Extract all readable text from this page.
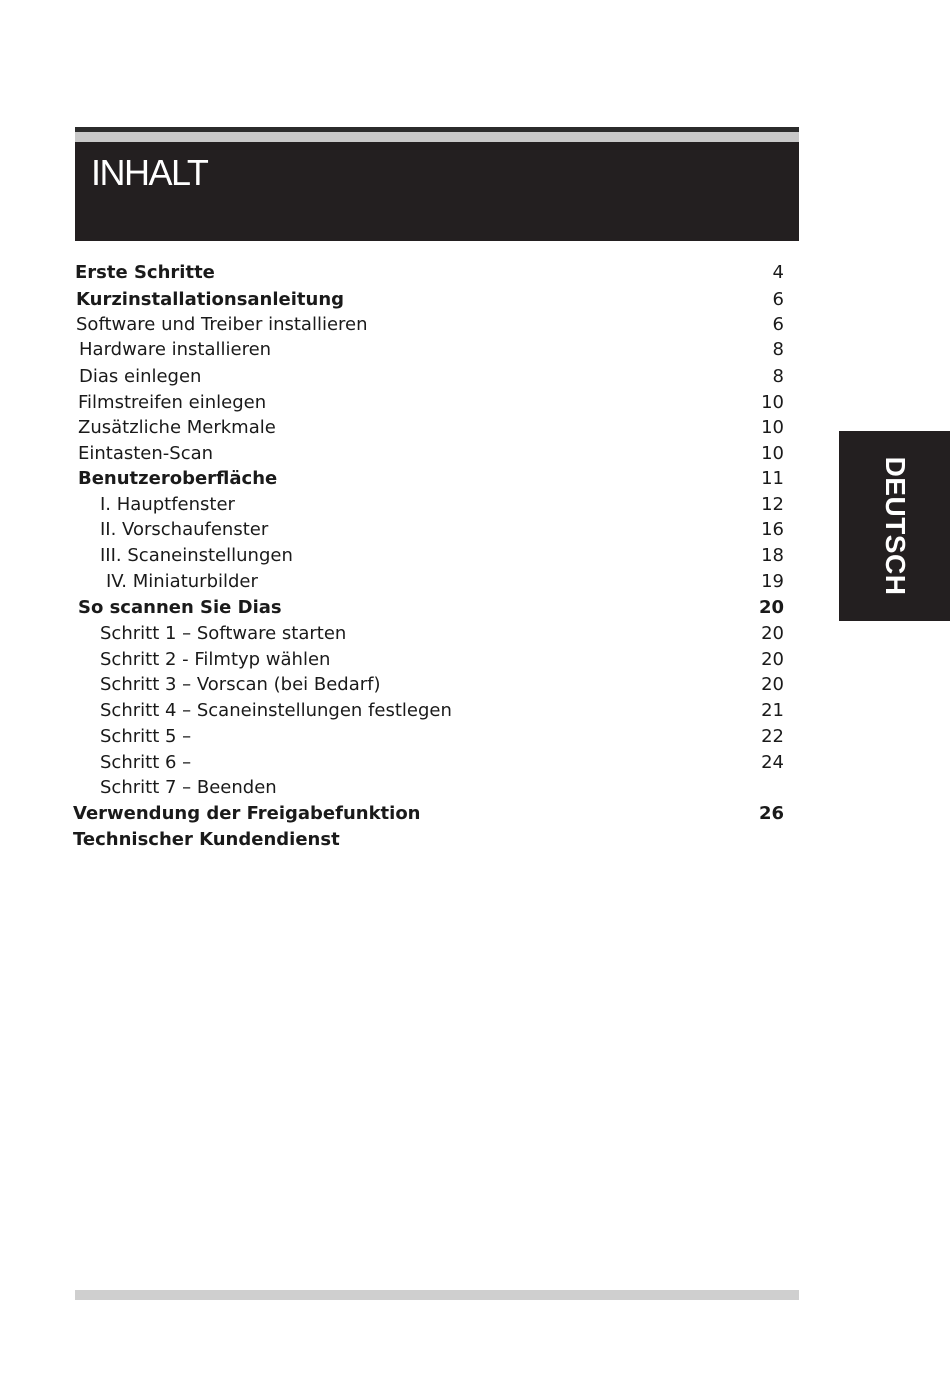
INHALT
DEUTSCH
Erste Schritte	4
Kurzinstallationsanleitung	6
Software und Treiber installieren	6
Hardware installieren	8
Dias einlegen	8
Filmstreifen einlegen	10
Zusätzliche Merkmale	10
Eintasten-Scan	10
Benutzeroberfläche	11
I. Hauptfenster	12
II. Vorschaufenster	16
III. Scaneinstellungen	18
IV. Miniaturbilder	19
So scannen Sie Dias	20
Schritt 1 – Software starten	20
Schritt 2 - Filmtyp wählen	20
Schritt 3 – Vorscan (bei Bedarf)	20
Schritt 4 – Scaneinstellungen festlegen	21
Schritt 5 –	22
Schritt 6 –	24
Schritt 7 – Beenden
Verwendung der Freigabefunktion	26
Technischer Kundendienst
